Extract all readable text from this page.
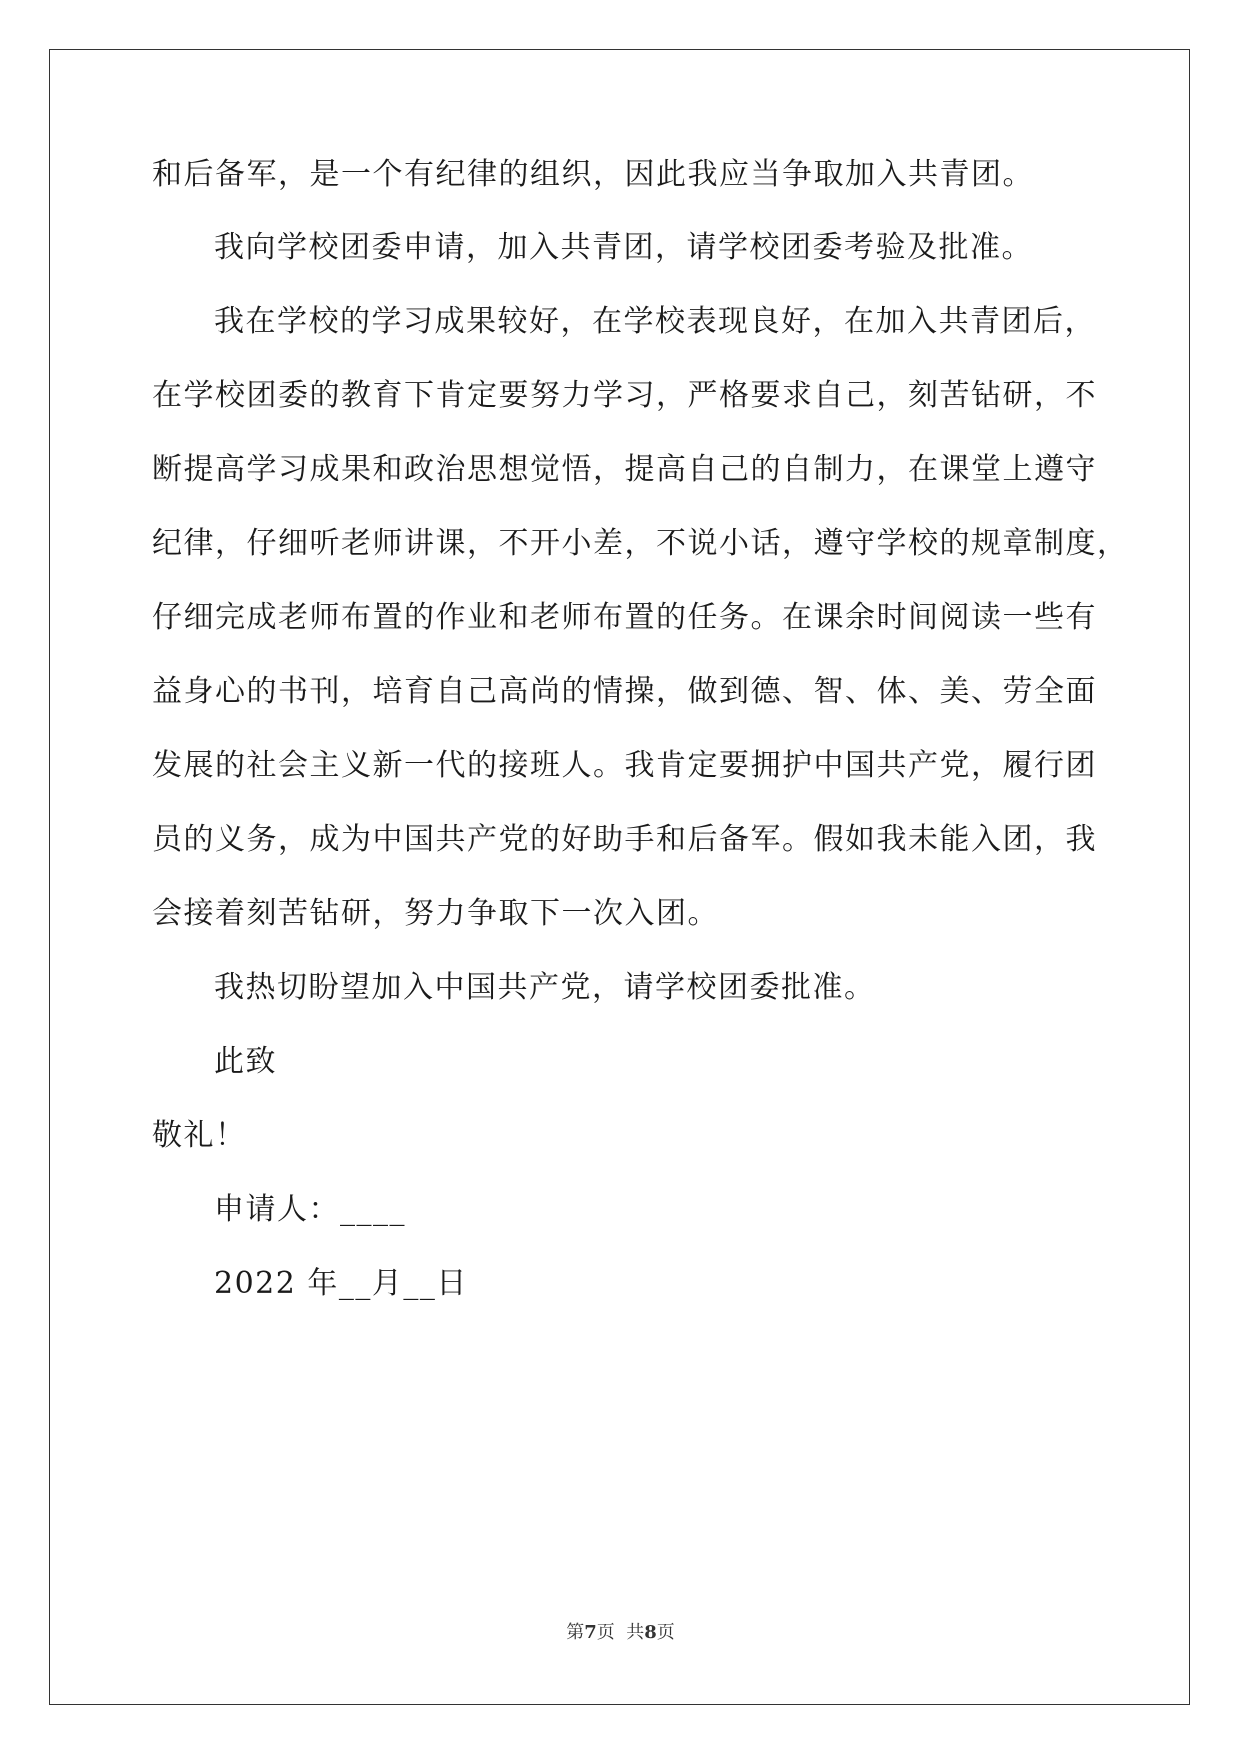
和后备军，是一个有纪律的组织，因此我应当争取加入共青团。
我向学校团委申请，加入共青团，请学校团委考验及批准。
我在学校的学习成果较好，在学校表现良好，在加入共青团后，
在学校团委的教育下肯定要努力学习，严格要求自己，刻苦钻研，不
断提高学习成果和政治思想觉悟，提高自己的自制力，在课堂上遵守
纪律，仔细听老师讲课，不开小差，不说小话，遵守学校的规章制度，
仔细完成老师布置的作业和老师布置的任务。在课余时间阅读一些有
益身心的书刊，培育自己高尚的情操，做到德、智、体、美、劳全面
发展的社会主义新一代的接班人。我肯定要拥护中国共产党，履行团
员的义务，成为中国共产党的好助手和后备军。假如我未能入团，我
会接着刻苦钻研，努力争取下一次入团。
我热切盼望加入中国共产党，请学校团委批准。
此致
敬礼！
申请人：____
2022 年__月__日
第7页  共8页
